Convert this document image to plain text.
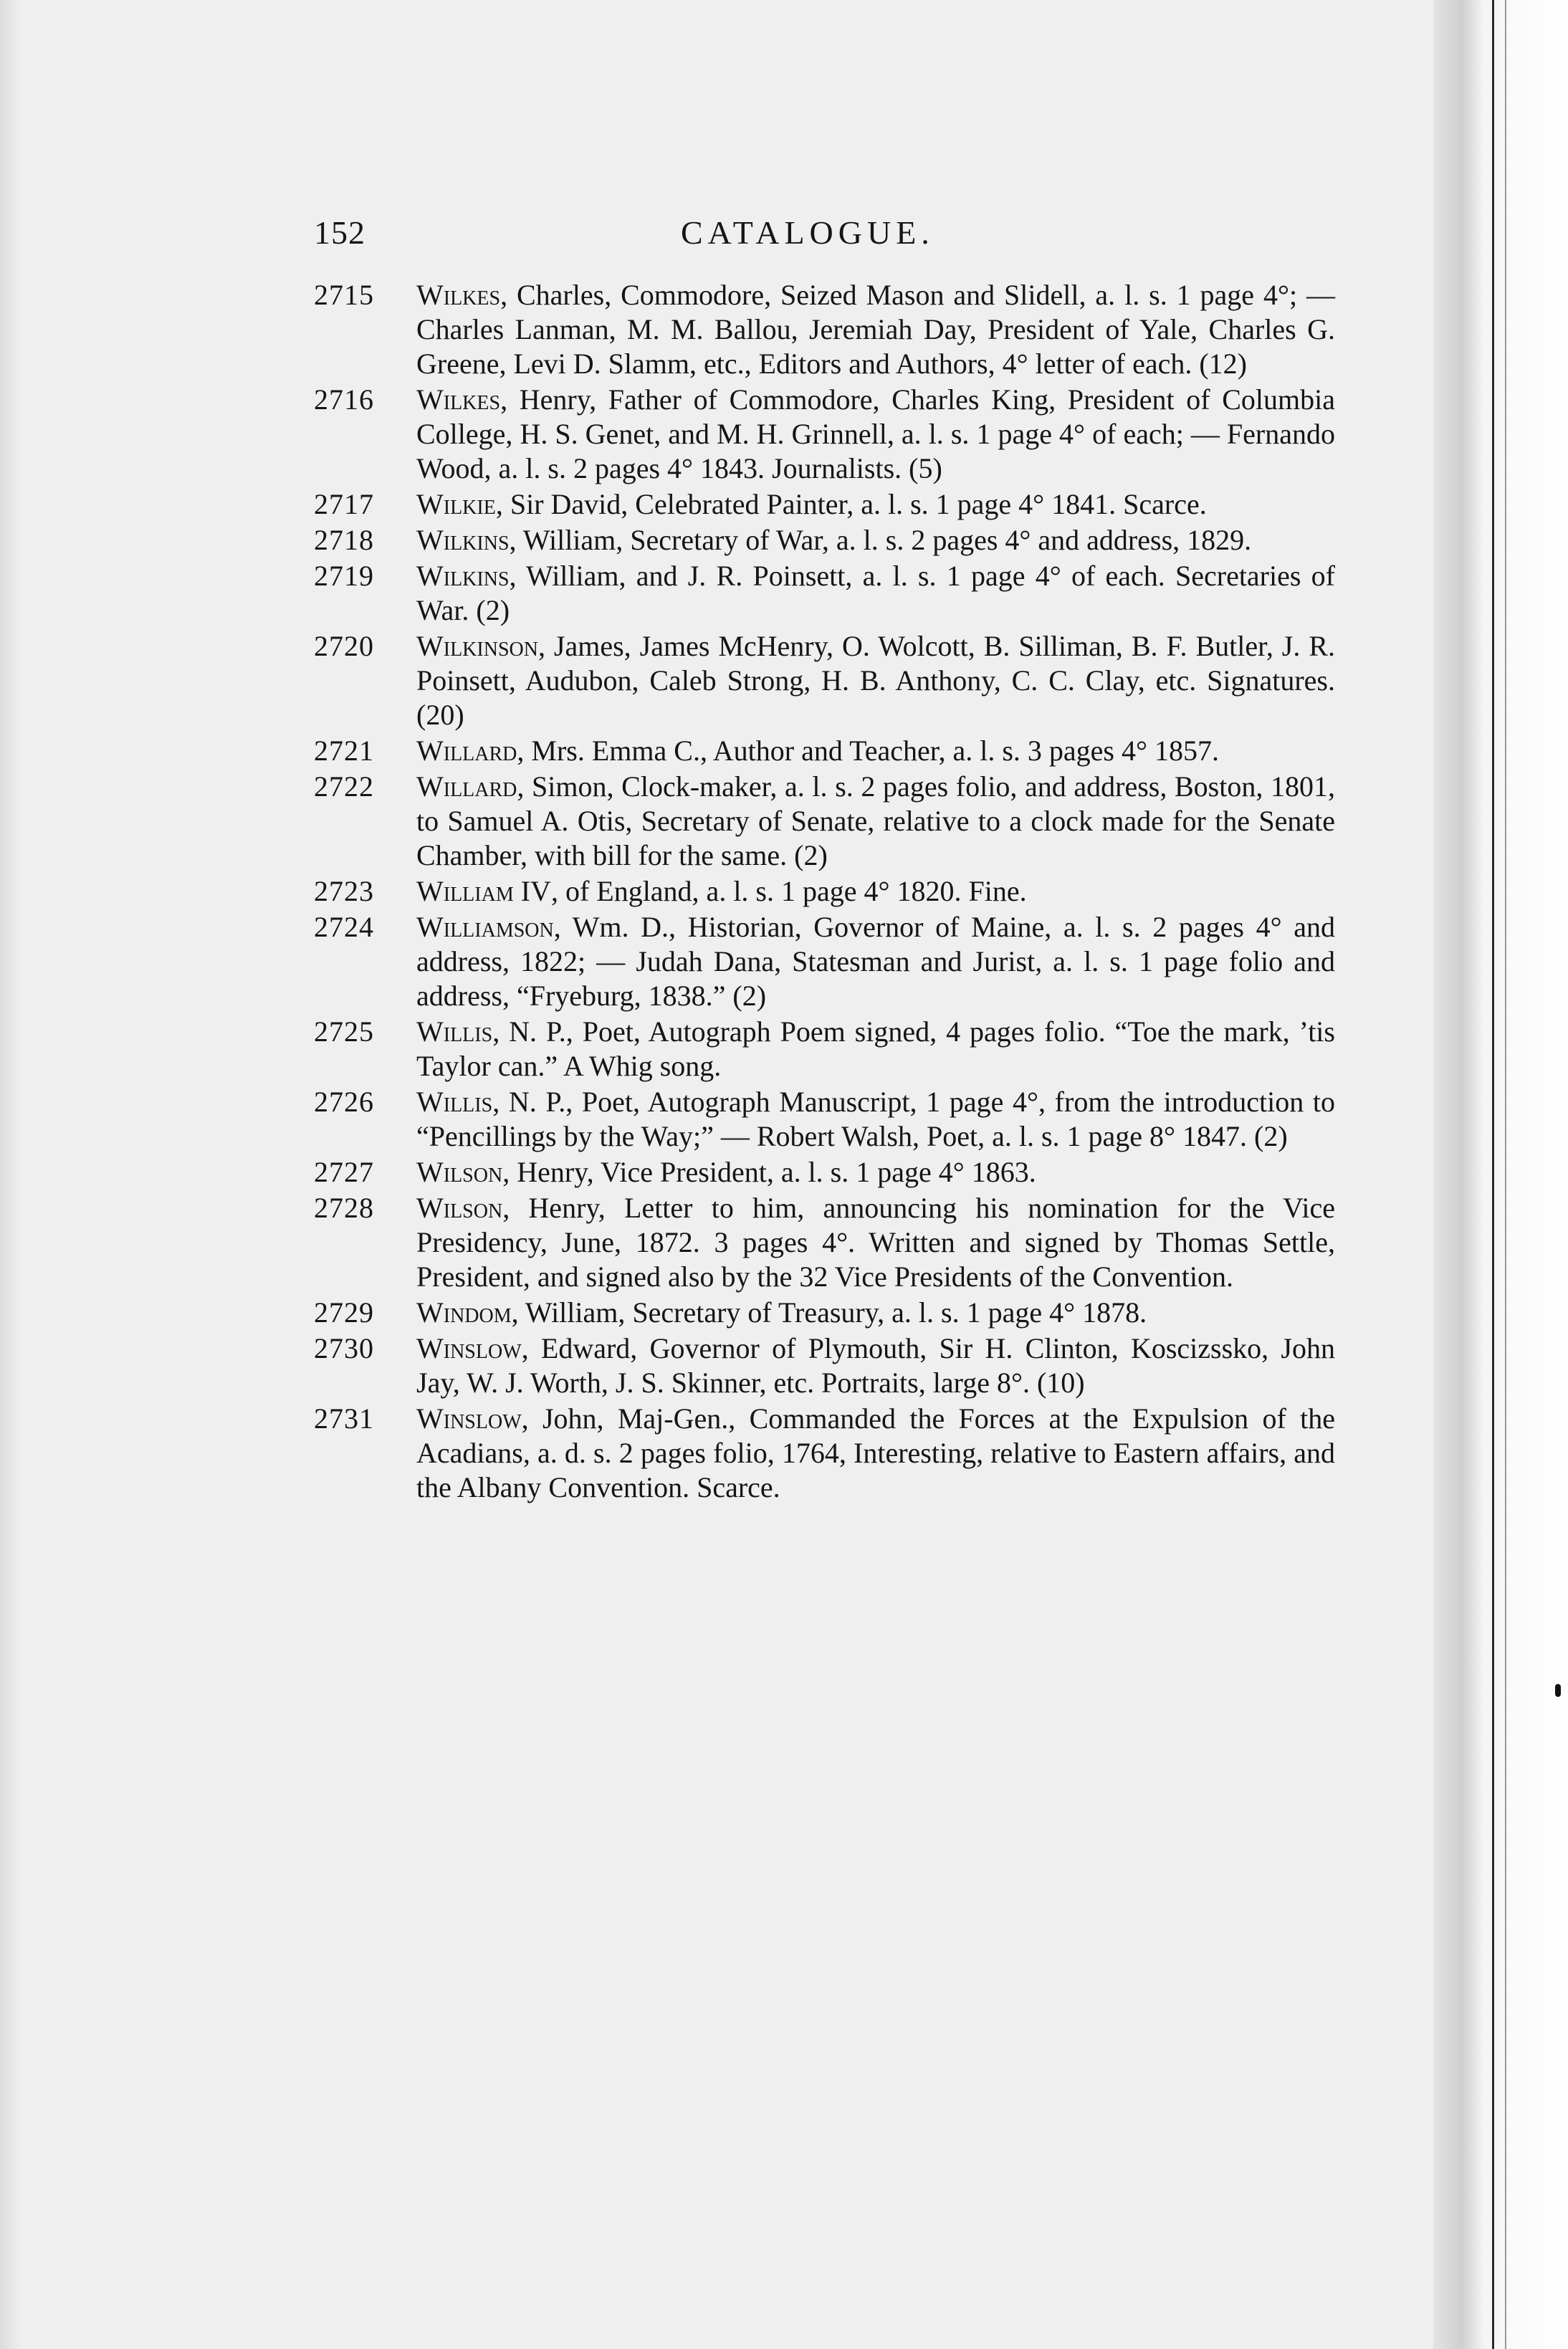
152	CATALOGUE.
2715 Wilkes, Charles, Commodore, Seized Mason and Slidell, a. l. s. 1 page 4°; — Charles Lanman, M. M. Ballou, Jeremiah Day, President of Yale, Charles G. Greene, Levi D. Slamm, etc., Editors and Authors, 4° letter of each. (12)
2716 Wilkes, Henry, Father of Commodore, Charles King, President of Columbia College, H. S. Genet, and M. H. Grinnell, a. l. s. 1 page 4° of each; — Fernando Wood, a. l. s. 2 pages 4° 1843. Journalists. (5)
2717 Wilkie, Sir David, Celebrated Painter, a. l. s. 1 page 4° 1841. Scarce.
2718 Wilkins, William, Secretary of War, a. l. s. 2 pages 4° and address, 1829.
2719 Wilkins, William, and J. R. Poinsett, a. l. s. 1 page 4° of each. Secretaries of War. (2)
2720 Wilkinson, James, James McHenry, O. Wolcott, B. Silliman, B. F. Butler, J. R. Poinsett, Audubon, Caleb Strong, H. B. Anthony, C. C. Clay, etc. Signatures. (20)
2721 Willard, Mrs. Emma C., Author and Teacher, a. l. s. 3 pages 4° 1857.
2722 Willard, Simon, Clock-maker, a. l. s. 2 pages folio, and address, Boston, 1801, to Samuel A. Otis, Secretary of Senate, relative to a clock made for the Senate Chamber, with bill for the same. (2)
2723 William IV, of England, a. l. s. 1 page 4° 1820. Fine.
2724 Williamson, Wm. D., Historian, Governor of Maine, a. l. s. 2 pages 4° and address, 1822; — Judah Dana, Statesman and Jurist, a. l. s. 1 page folio and address, “Fryeburg, 1838.” (2)
2725 Willis, N. P., Poet, Autograph Poem signed, 4 pages folio. “Toe the mark, ’tis Taylor can.” A Whig song.
2726 Willis, N. P., Poet, Autograph Manuscript, 1 page 4°, from the introduction to “Pencillings by the Way;” — Robert Walsh, Poet, a. l. s. 1 page 8° 1847. (2)
2727 Wilson, Henry, Vice President, a. l. s. 1 page 4° 1863.
2728 Wilson, Henry, Letter to him, announcing his nomination for the Vice Presidency, June, 1872. 3 pages 4°. Written and signed by Thomas Settle, President, and signed also by the 32 Vice Presidents of the Convention.
2729 Windom, William, Secretary of Treasury, a. l. s. 1 page 4° 1878.
2730 Winslow, Edward, Governor of Plymouth, Sir H. Clinton, Koscizssko, John Jay, W. J. Worth, J. S. Skinner, etc. Portraits, large 8°. (10)
2731 Winslow, John, Maj-Gen., Commanded the Forces at the Expulsion of the Acadians, a. d. s. 2 pages folio, 1764, Interesting, relative to Eastern affairs, and the Albany Convention. Scarce.
